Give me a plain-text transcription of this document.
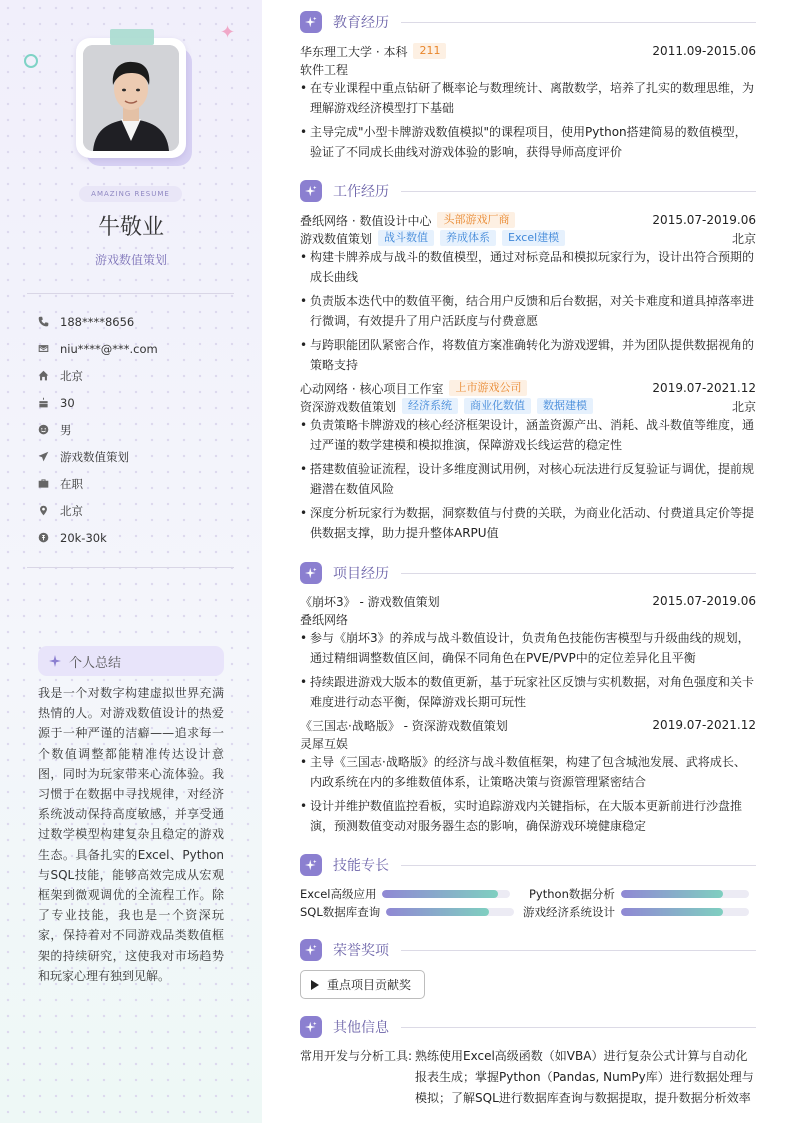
✦
AMAZING RESUME
牛敬业
游戏数值策划
188****8656
niu****@***.com
北京
30
男
游戏数值策划
在职
北京
20k-30k
个人总结
我是一个对数字构建虚拟世界充满热情的人。对游戏数值设计的热爱源于一种严谨的洁癖——追求每一个数值调整都能精准传达设计意图，同时为玩家带来心流体验。我习惯于在数据中寻找规律，对经济系统波动保持高度敏感，并享受通过数学模型构建复杂且稳定的游戏生态。具备扎实的Excel、Python与SQL技能，能够高效完成从宏观框架到微观调优的全流程工作。除了专业技能，我也是一个资深玩家，保持着对不同游戏品类数值框架的持续研究，这使我对市场趋势和玩家心理有独到见解。
教育经历
华东理工大学 · 本科	211	2011.09-2015.06
软件工程
• 在专业课程中重点钻研了概率论与数理统计、离散数学，培养了扎实的数理思维，为理解游戏经济模型打下基础
• 主导完成"小型卡牌游戏数值模拟"的课程项目，使用Python搭建简易的数值模型，验证了不同成长曲线对游戏体验的影响，获得导师高度评价
工作经历
叠纸网络 · 数值设计中心	头部游戏厂商	2015.07-2019.06
游戏数值策划	战斗数值	养成体系	Excel建模	北京
• 构建卡牌养成与战斗的数值模型，通过对标竞品和模拟玩家行为，设计出符合预期的成长曲线
• 负责版本迭代中的数值平衡，结合用户反馈和后台数据，对关卡难度和道具掉落率进行微调，有效提升了用户活跃度与付费意愿
• 与跨职能团队紧密合作，将数值方案准确转化为游戏逻辑，并为团队提供数据视角的策略支持
心动网络 · 核心项目工作室	上市游戏公司	2019.07-2021.12
资深游戏数值策划	经济系统	商业化数值	数据建模	北京
• 负责策略卡牌游戏的核心经济框架设计，涵盖资源产出、消耗、战斗数值等维度，通过严谨的数学建模和模拟推演，保障游戏长线运营的稳定性
• 搭建数值验证流程，设计多维度测试用例，对核心玩法进行反复验证与调优，提前规避潜在数值风险
• 深度分析玩家行为数据，洞察数值与付费的关联，为商业化活动、付费道具定价等提供数据支撑，助力提升整体ARPU值
项目经历
《崩坏3》 - 游戏数值策划	2015.07-2019.06
叠纸网络
• 参与《崩坏3》的养成与战斗数值设计，负责角色技能伤害模型与升级曲线的规划，通过精细调整数值区间，确保不同角色在PVE/PVP中的定位差异化且平衡
• 持续跟进游戏大版本的数值更新，基于玩家社区反馈与实机数据，对角色强度和关卡难度进行动态平衡，保障游戏长期可玩性
《三国志·战略版》 - 资深游戏数值策划	2019.07-2021.12
灵犀互娱
• 主导《三国志·战略版》的经济与战斗数值框架，构建了包含城池发展、武将成长、内政系统在内的多维数值体系，让策略决策与资源管理紧密结合
• 设计并维护数值监控看板，实时追踪游戏内关键指标，在大版本更新前进行沙盘推演，预测数值变动对服务器生态的影响，确保游戏环境健康稳定
技能专长
Excel高级应用	Python数据分析
SQL数据库查询	游戏经济系统设计
荣誉奖项
重点项目贡献奖
其他信息
常用开发与分析工具: 熟练使用Excel高级函数（如VBA）进行复杂公式计算与自动化报表生成；掌握Python（Pandas, NumPy库）进行数据处理与模拟；了解SQL进行数据库查询与数据提取，提升数据分析效率
